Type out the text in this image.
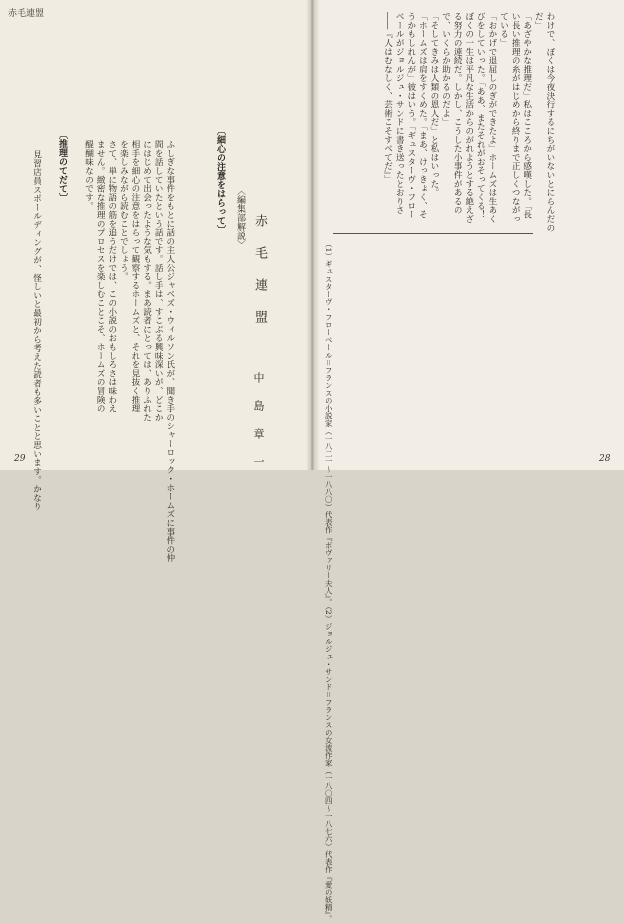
赤毛連盟
〈編集部解説〉 赤 毛 連 盟
中 島 章 一
〔細心の注意をはらって〕
ふしぎな事件をもとに話の主人公ジャベズ・ウィルソン氏が、聞き手のシャーロック・ホームズに事件の仲
間を話していたという話です。話し手は、すこぶる興味深いが、どこか
にはじめて出会ったような気もする。まあ読者にとっては、ありふれた
相手を細心の注意をはらって観察するホームズと、それを見抜く推理
を楽しみながら読むことでしょう。
さて、単に物語の筋を追うだけでは、この小説のおもしろさは味わえ
ません。緻密な推理のプロセスを楽しむことこそ、ホームズの冒険の
醍醐味なのです。
〔推理のてだて〕
見習店員スポールディングが、怪しいと最初から考えた読者も多いことと思います。かなり
29
わけで、ぼくは今夜決行するにちがいないとにらんだの
だ」
「あざやかな推理だ」私はこころから感嘆した。「長
い長い推理の糸がはじめから終りまで正しくつながっ
ている」
「おかげで退屈しのぎができたよ」ホームズは生あく
びをしていった。「ああ、またそれがおそってくる！
ぼくの一生は平凡な生活からのがれようとする絶えざ
る努力の連続だ。しかし、こうした小事件があるの
で、いくらか助かるのだよ」
「そしてきみは人類の恩人だ」と私はいった。
「ホームズは肩をすくめた。「まあ、けっきょく、そ
うかもしれんが」彼はいう。「ギュスターヴ・フロー
ベールがジョルジュ・サンドに書き送ったとおりさ
――『人はむなしく、芸術こそすべてだ』」
（1）ギュスターヴ・フローベール＝フランスの小説家（一八二一〜一八八〇）代表作『ボヴァリー夫人』。（2）ジョルジュ・サンド＝フランスの女流作家（一八〇四〜一八七六）代表作『愛の妖精』。	28
